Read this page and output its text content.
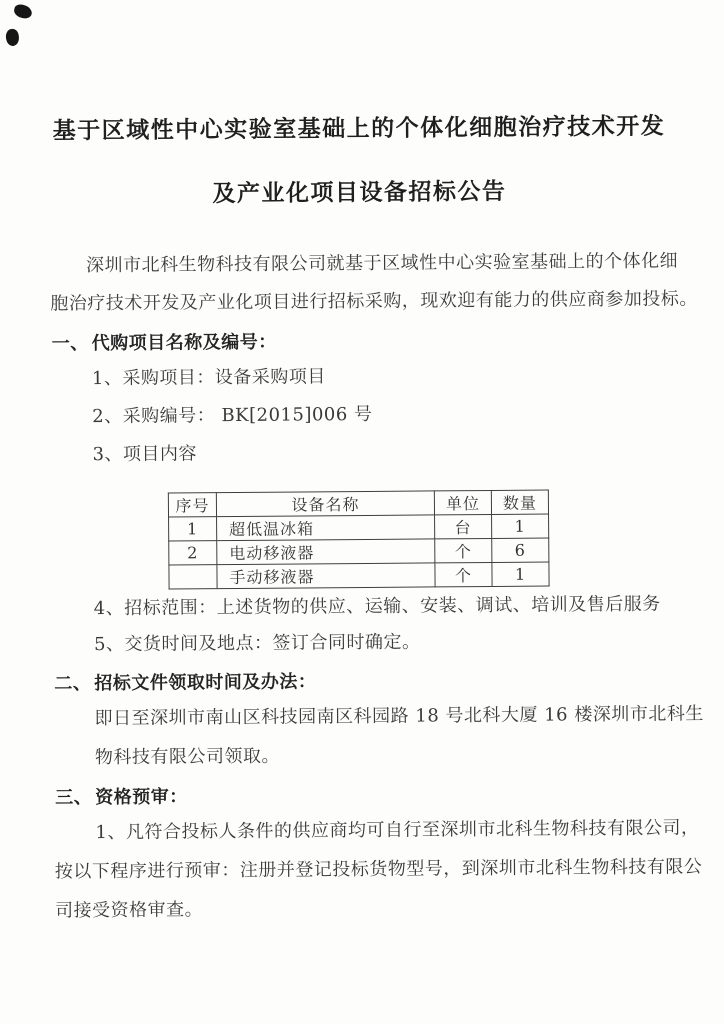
基于区域性中心实验室基础上的个体化细胞治疗技术开发
及产业化项目设备招标公告
深圳市北科生物科技有限公司就基于区域性中心实验室基础上的个体化细
胞治疗技术开发及产业化项目进行招标采购，现欢迎有能力的供应商参加投标。
一、 代购项目名称及编号：
1、采购项目：设备采购项目
2、采购编号： BK[2015]006 号
3、项目内容
序号	设备名称	单位	数量
1	超低温冰箱	台	1
2	电动移液器	个	6
	手动移液器	个	1
4、招标范围：上述货物的供应、运输、安装、调试、培训及售后服务
5、交货时间及地点：签订合同时确定。
二、 招标文件领取时间及办法：
即日至深圳市南山区科技园南区科园路 18 号北科大厦 16 楼深圳市北科生
物科技有限公司领取。
三、 资格预审：
1、凡符合投标人条件的供应商均可自行至深圳市北科生物科技有限公司，
按以下程序进行预审：注册并登记投标货物型号，到深圳市北科生物科技有限公
司接受资格审查。
